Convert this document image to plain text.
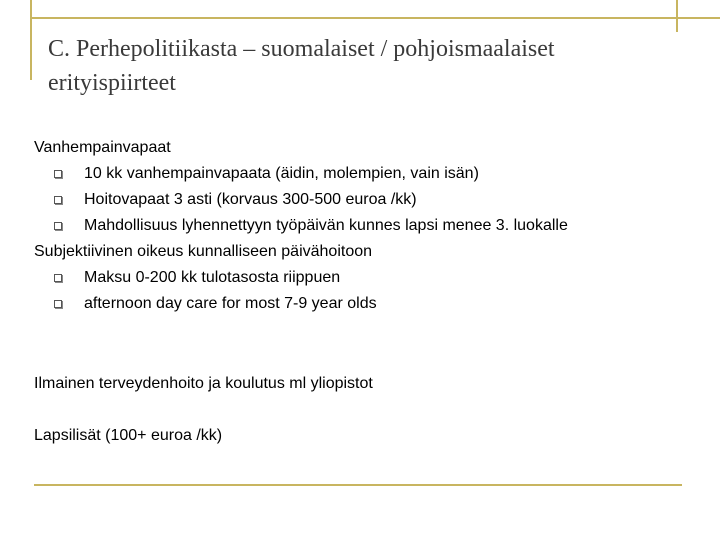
C. Perhepolitiikasta – suomalaiset / pohjoismaalaiset erityispiirteet
Vanhempainvapaat
10 kk vanhempainvapaata (äidin, molempien, vain isän)
Hoitovapaat 3 asti (korvaus 300-500 euroa /kk)
Mahdollisuus lyhennettyyn työpäivän kunnes lapsi menee 3. luokalle
Subjektiivinen oikeus kunnalliseen päivähoitoon
Maksu 0-200 kk tulotasosta riippuen
afternoon day care for most 7-9 year olds
Ilmainen terveydenhoito ja koulutus ml yliopistot
Lapsilisät (100+ euroa /kk)
